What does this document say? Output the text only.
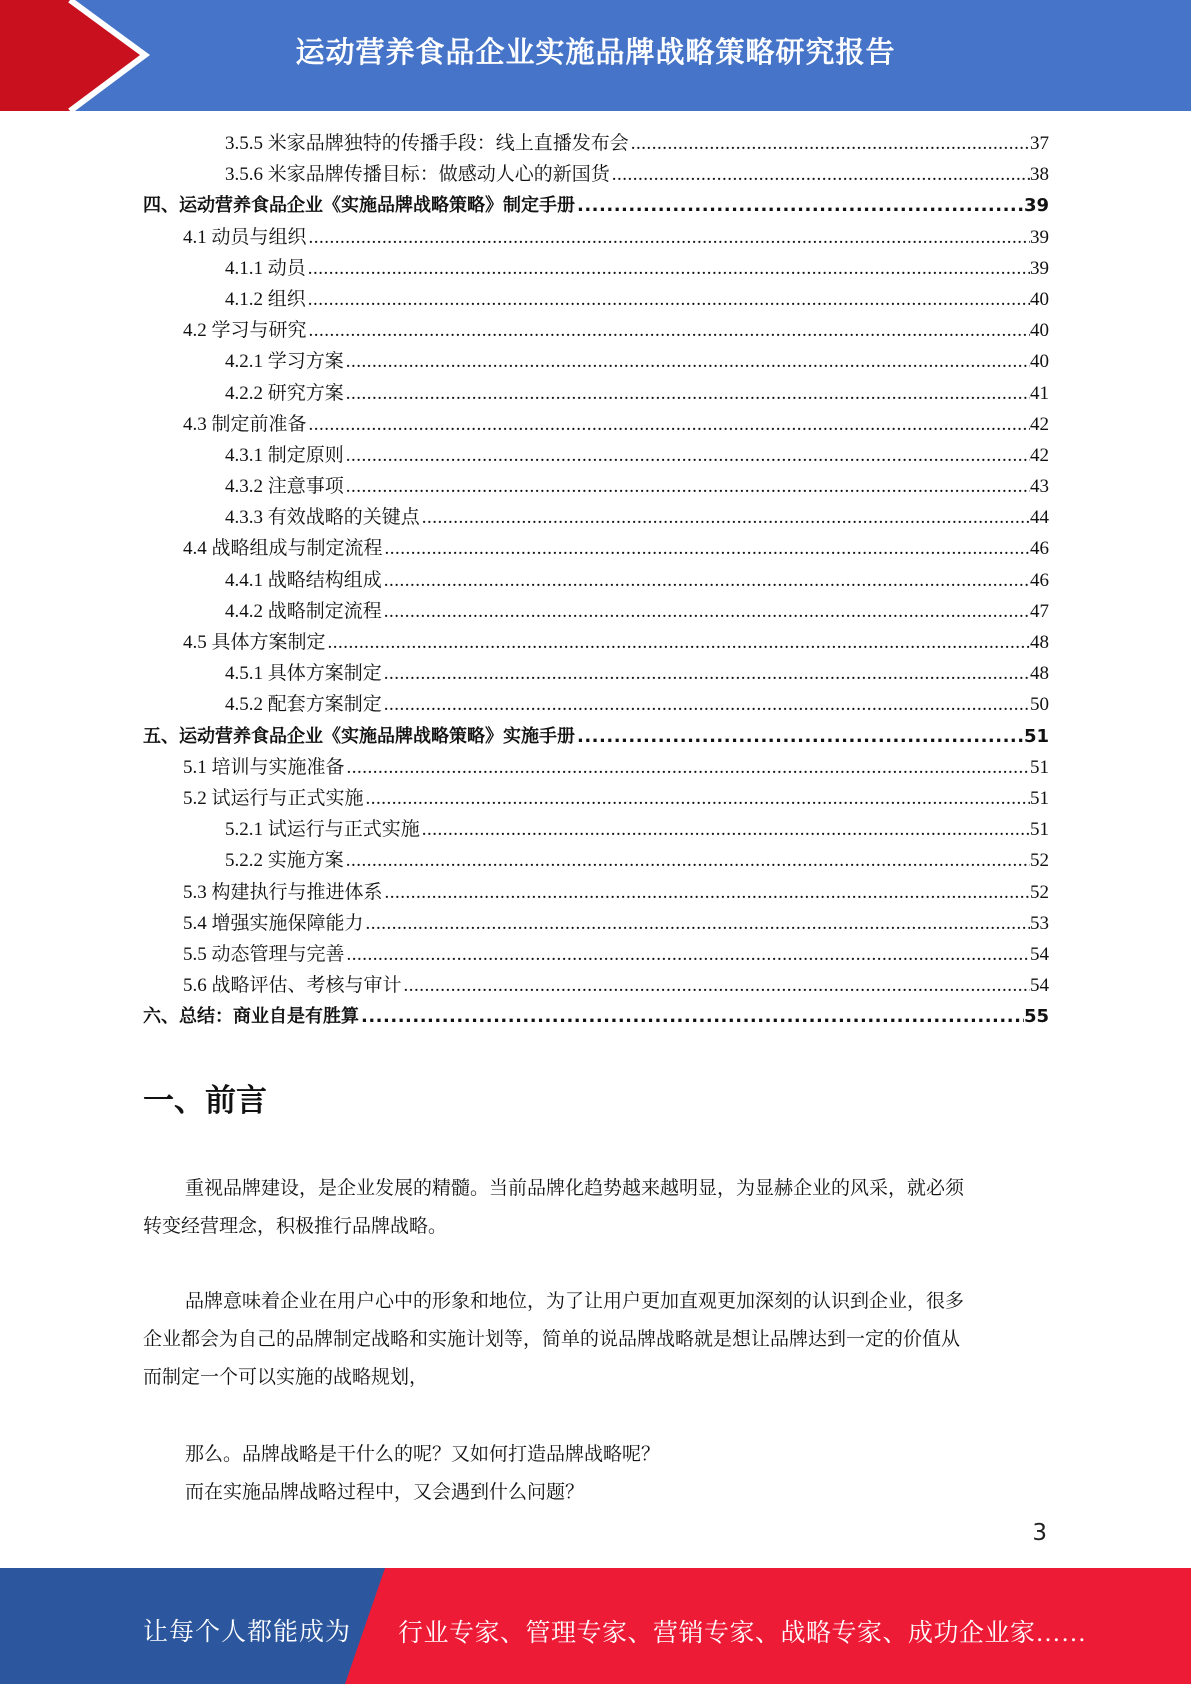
运动营养食品企业实施品牌战略策略研究报告
3.5.5 米家品牌独特的传播手段：线上直播发布会 .....	37
3.5.6 米家品牌传播目标：做感动人心的新国货 .....	38
四、运动营养食品企业《实施品牌战略策略》制定手册 .....	39
4.1 动员与组织 .....	39
4.1.1 动员 .....	39
4.1.2 组织 .....	40
4.2 学习与研究 .....	40
4.2.1 学习方案 .....	40
4.2.2 研究方案 .....	41
4.3 制定前准备 .....	42
4.3.1 制定原则 .....	42
4.3.2 注意事项 .....	43
4.3.3 有效战略的关键点 .....	44
4.4 战略组成与制定流程 .....	46
4.4.1 战略结构组成 .....	46
4.4.2 战略制定流程 .....	47
4.5 具体方案制定 .....	48
4.5.1 具体方案制定 .....	48
4.5.2 配套方案制定 .....	50
五、运动营养食品企业《实施品牌战略策略》实施手册 .....	51
5.1 培训与实施准备 .....	51
5.2 试运行与正式实施 .....	51
5.2.1 试运行与正式实施 .....	51
5.2.2 实施方案 .....	52
5.3 构建执行与推进体系 .....	52
5.4 增强实施保障能力 .....	53
5.5 动态管理与完善 .....	54
5.6 战略评估、考核与审计 .....	54
六、总结：商业自是有胜算 .....	55
一、前言
重视品牌建设，是企业发展的精髓。当前品牌化趋势越来越明显，为显赫企业的风采，就必须
转变经营理念，积极推行品牌战略。
品牌意味着企业在用户心中的形象和地位，为了让用户更加直观更加深刻的认识到企业，很多
企业都会为自己的品牌制定战略和实施计划等，简单的说品牌战略就是想让品牌达到一定的价值从
而制定一个可以实施的战略规划，
那么。品牌战略是干什么的呢？又如何打造品牌战略呢？
而在实施品牌战略过程中，又会遇到什么问题？
3
让每个人都能成为 行业专家、管理专家、营销专家、战略专家、成功企业家……
